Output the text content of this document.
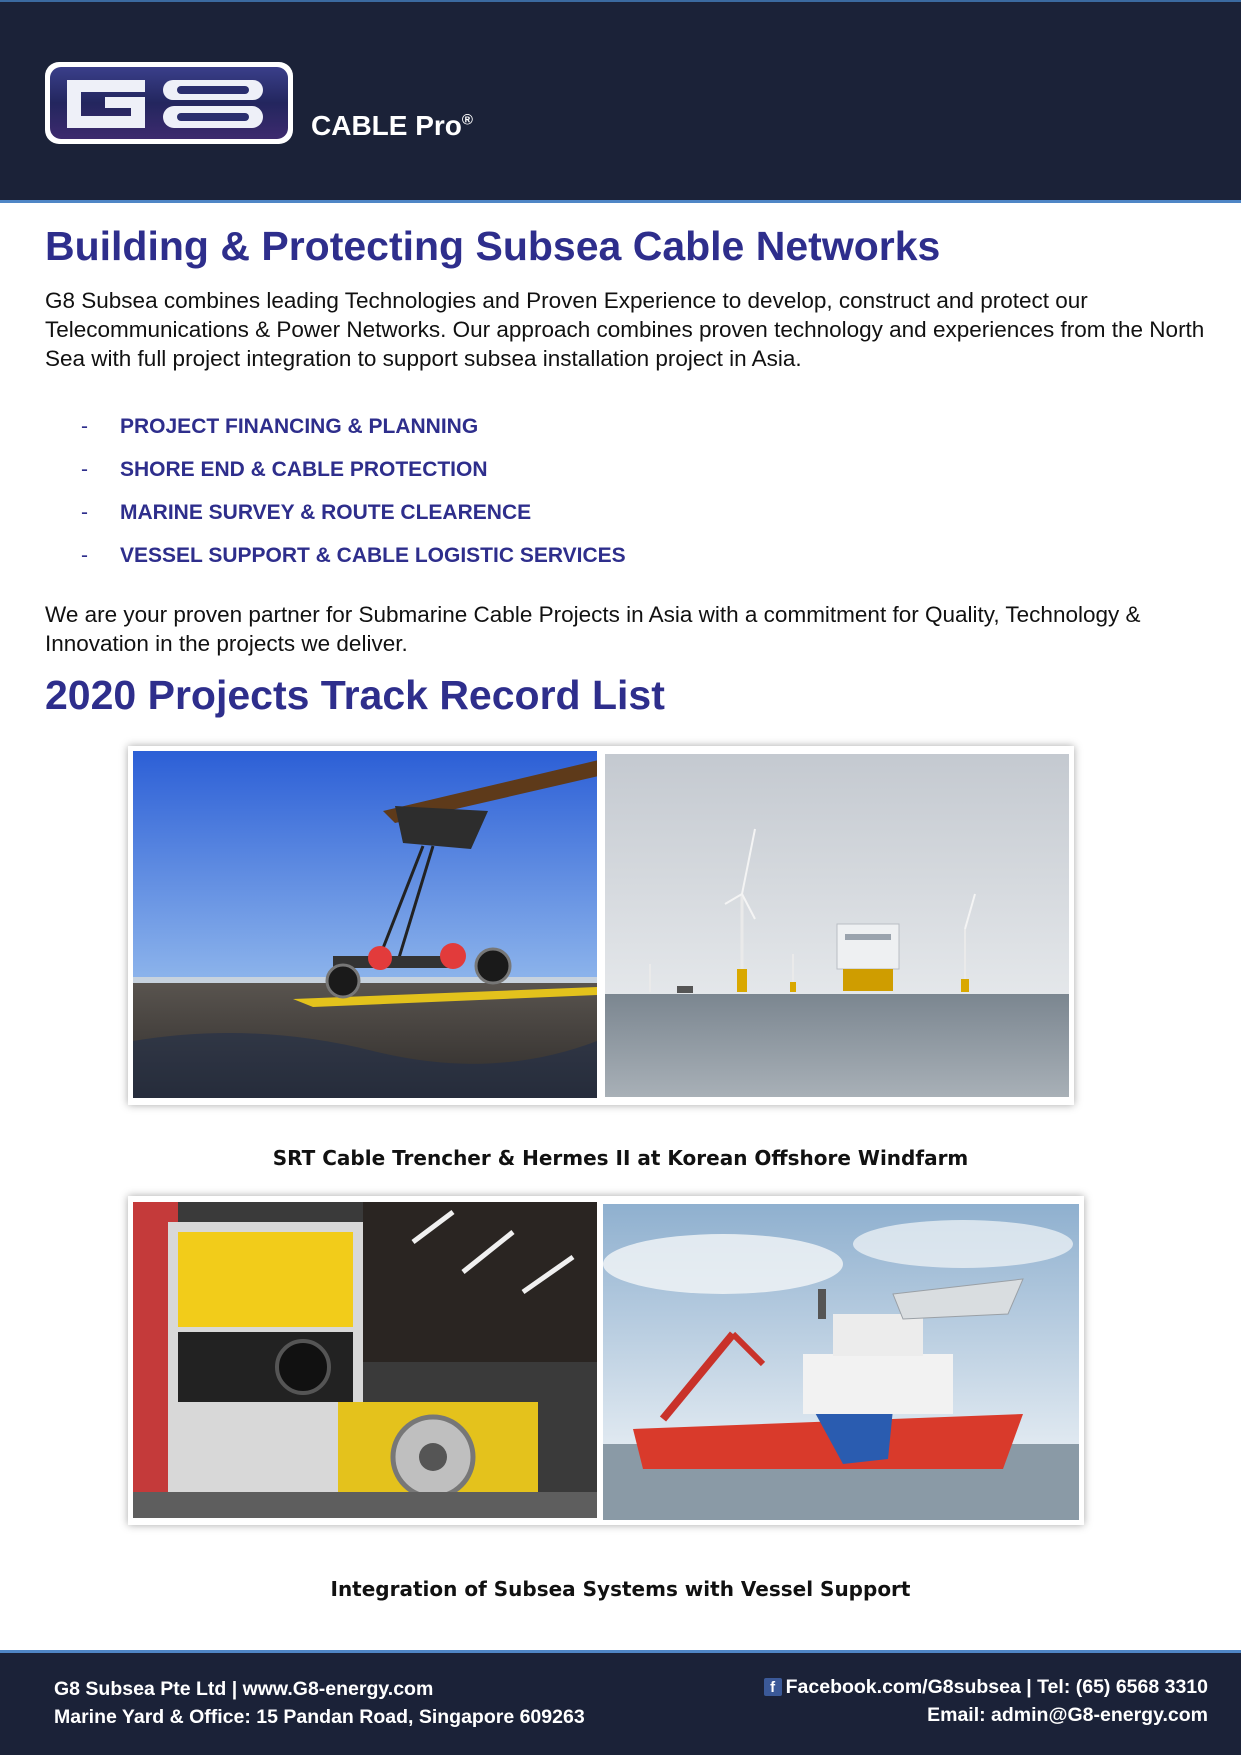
CABLE Pro®
Building & Protecting Subsea Cable Networks

G8 Subsea combines leading Technologies and Proven Experience to develop, construct and protect our Telecommunications & Power Networks. Our approach combines proven technology and experiences from the North Sea with full project integration to support subsea installation project in Asia.

- PROJECT FINANCING & PLANNING
- SHORE END & CABLE PROTECTION
- MARINE SURVEY & ROUTE CLEARENCE
- VESSEL SUPPORT & CABLE LOGISTIC SERVICES

We are your proven partner for Submarine Cable Projects in Asia with a commitment for Quality, Technology & Innovation in the projects we deliver.

2020 Projects Track Record List
SRT Cable Trencher & Hermes II at Korean Offshore Windfarm
Integration of Subsea Systems with Vessel Support
G8 Subsea Pte Ltd | www.G8-energy.com
Marine Yard & Office: 15 Pandan Road, Singapore 609263
f Facebook.com/G8subsea | Tel: (65) 6568 3310
Email: admin@G8-energy.com
